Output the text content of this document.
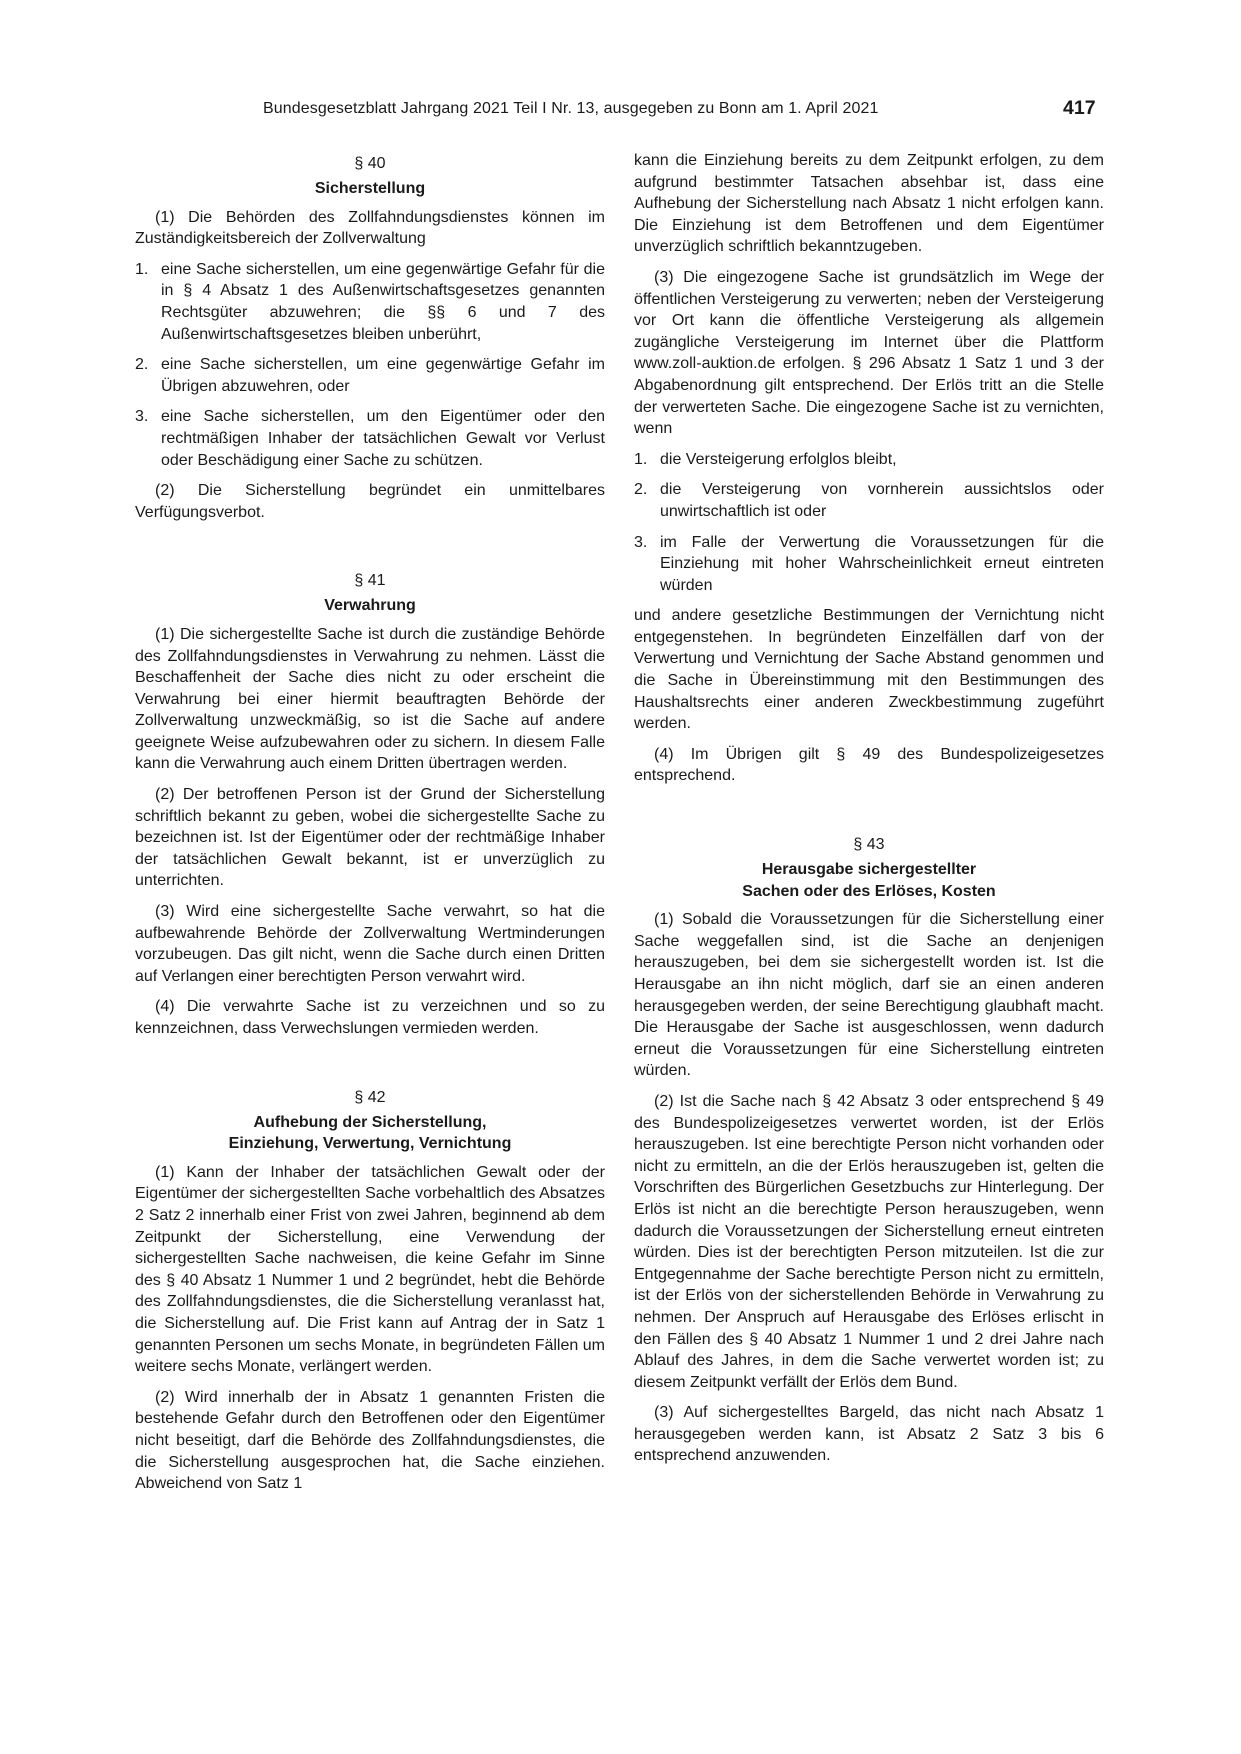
Bundesgesetzblatt Jahrgang 2021 Teil I Nr. 13, ausgegeben zu Bonn am 1. April 2021	417

§ 40

Sicherstellung

(1) Die Behörden des Zollfahndungsdienstes können im Zuständigkeitsbereich der Zollverwaltung

1. eine Sache sicherstellen, um eine gegenwärtige Gefahr für die in § 4 Absatz 1 des Außenwirtschaftsgesetzes genannten Rechtsgüter abzuwehren; die §§ 6 und 7 des Außenwirtschaftsgesetzes bleiben unberührt,
2. eine Sache sicherstellen, um eine gegenwärtige Gefahr im Übrigen abzuwehren, oder
3. eine Sache sicherstellen, um den Eigentümer oder den rechtmäßigen Inhaber der tatsächlichen Gewalt vor Verlust oder Beschädigung einer Sache zu schützen.

(2) Die Sicherstellung begründet ein unmittelbares Verfügungsverbot.

§ 41

Verwahrung

(1) Die sichergestellte Sache ist durch die zuständige Behörde des Zollfahndungsdienstes in Verwahrung zu nehmen. Lässt die Beschaffenheit der Sache dies nicht zu oder erscheint die Verwahrung bei einer hiermit beauftragten Behörde der Zollverwaltung unzweckmäßig, so ist die Sache auf andere geeignete Weise aufzubewahren oder zu sichern. In diesem Falle kann die Verwahrung auch einem Dritten übertragen werden.

(2) Der betroffenen Person ist der Grund der Sicherstellung schriftlich bekannt zu geben, wobei die sichergestellte Sache zu bezeichnen ist. Ist der Eigentümer oder der rechtmäßige Inhaber der tatsächlichen Gewalt bekannt, ist er unverzüglich zu unterrichten.

(3) Wird eine sichergestellte Sache verwahrt, so hat die aufbewahrende Behörde der Zollverwaltung Wertminderungen vorzubeugen. Das gilt nicht, wenn die Sache durch einen Dritten auf Verlangen einer berechtigten Person verwahrt wird.

(4) Die verwahrte Sache ist zu verzeichnen und so zu kennzeichnen, dass Verwechslungen vermieden werden.

§ 42

Aufhebung der Sicherstellung,
Einziehung, Verwertung, Vernichtung

(1) Kann der Inhaber der tatsächlichen Gewalt oder der Eigentümer der sichergestellten Sache vorbehaltlich des Absatzes 2 Satz 2 innerhalb einer Frist von zwei Jahren, beginnend ab dem Zeitpunkt der Sicherstellung, eine Verwendung der sichergestellten Sache nachweisen, die keine Gefahr im Sinne des § 40 Absatz 1 Nummer 1 und 2 begründet, hebt die Behörde des Zollfahndungsdienstes, die die Sicherstellung veranlasst hat, die Sicherstellung auf. Die Frist kann auf Antrag der in Satz 1 genannten Personen um sechs Monate, in begründeten Fällen um weitere sechs Monate, verlängert werden.

(2) Wird innerhalb der in Absatz 1 genannten Fristen die bestehende Gefahr durch den Betroffenen oder den Eigentümer nicht beseitigt, darf die Behörde des Zollfahndungsdienstes, die die Sicherstellung ausgesprochen hat, die Sache einziehen. Abweichend von Satz 1

kann die Einziehung bereits zu dem Zeitpunkt erfolgen, zu dem aufgrund bestimmter Tatsachen absehbar ist, dass eine Aufhebung der Sicherstellung nach Absatz 1 nicht erfolgen kann. Die Einziehung ist dem Betroffenen und dem Eigentümer unverzüglich schriftlich bekanntzugeben.

(3) Die eingezogene Sache ist grundsätzlich im Wege der öffentlichen Versteigerung zu verwerten; neben der Versteigerung vor Ort kann die öffentliche Versteigerung als allgemein zugängliche Versteigerung im Internet über die Plattform www.zoll-auktion.de erfolgen. § 296 Absatz 1 Satz 1 und 3 der Abgabenordnung gilt entsprechend. Der Erlös tritt an die Stelle der verwerteten Sache. Die eingezogene Sache ist zu vernichten, wenn

1. die Versteigerung erfolglos bleibt,
2. die Versteigerung von vornherein aussichtslos oder unwirtschaftlich ist oder
3. im Falle der Verwertung die Voraussetzungen für die Einziehung mit hoher Wahrscheinlichkeit erneut eintreten würden

und andere gesetzliche Bestimmungen der Vernichtung nicht entgegenstehen. In begründeten Einzelfällen darf von der Verwertung und Vernichtung der Sache Abstand genommen und die Sache in Übereinstimmung mit den Bestimmungen des Haushaltsrechts einer anderen Zweckbestimmung zugeführt werden.

(4) Im Übrigen gilt § 49 des Bundespolizeigesetzes entsprechend.

§ 43

Herausgabe sichergestellter
Sachen oder des Erlöses, Kosten

(1) Sobald die Voraussetzungen für die Sicherstellung einer Sache weggefallen sind, ist die Sache an denjenigen herauszugeben, bei dem sie sichergestellt worden ist. Ist die Herausgabe an ihn nicht möglich, darf sie an einen anderen herausgegeben werden, der seine Berechtigung glaubhaft macht. Die Herausgabe der Sache ist ausgeschlossen, wenn dadurch erneut die Voraussetzungen für eine Sicherstellung eintreten würden.

(2) Ist die Sache nach § 42 Absatz 3 oder entsprechend § 49 des Bundespolizeigesetzes verwertet worden, ist der Erlös herauszugeben. Ist eine berechtigte Person nicht vorhanden oder nicht zu ermitteln, an die der Erlös herauszugeben ist, gelten die Vorschriften des Bürgerlichen Gesetzbuchs zur Hinterlegung. Der Erlös ist nicht an die berechtigte Person herauszugeben, wenn dadurch die Voraussetzungen der Sicherstellung erneut eintreten würden. Dies ist der berechtigten Person mitzuteilen. Ist die zur Entgegennahme der Sache berechtigte Person nicht zu ermitteln, ist der Erlös von der sicherstellenden Behörde in Verwahrung zu nehmen. Der Anspruch auf Herausgabe des Erlöses erlischt in den Fällen des § 40 Absatz 1 Nummer 1 und 2 drei Jahre nach Ablauf des Jahres, in dem die Sache verwertet worden ist; zu diesem Zeitpunkt verfällt der Erlös dem Bund.

(3) Auf sichergestelltes Bargeld, das nicht nach Absatz 1 herausgegeben werden kann, ist Absatz 2 Satz 3 bis 6 entsprechend anzuwenden.
